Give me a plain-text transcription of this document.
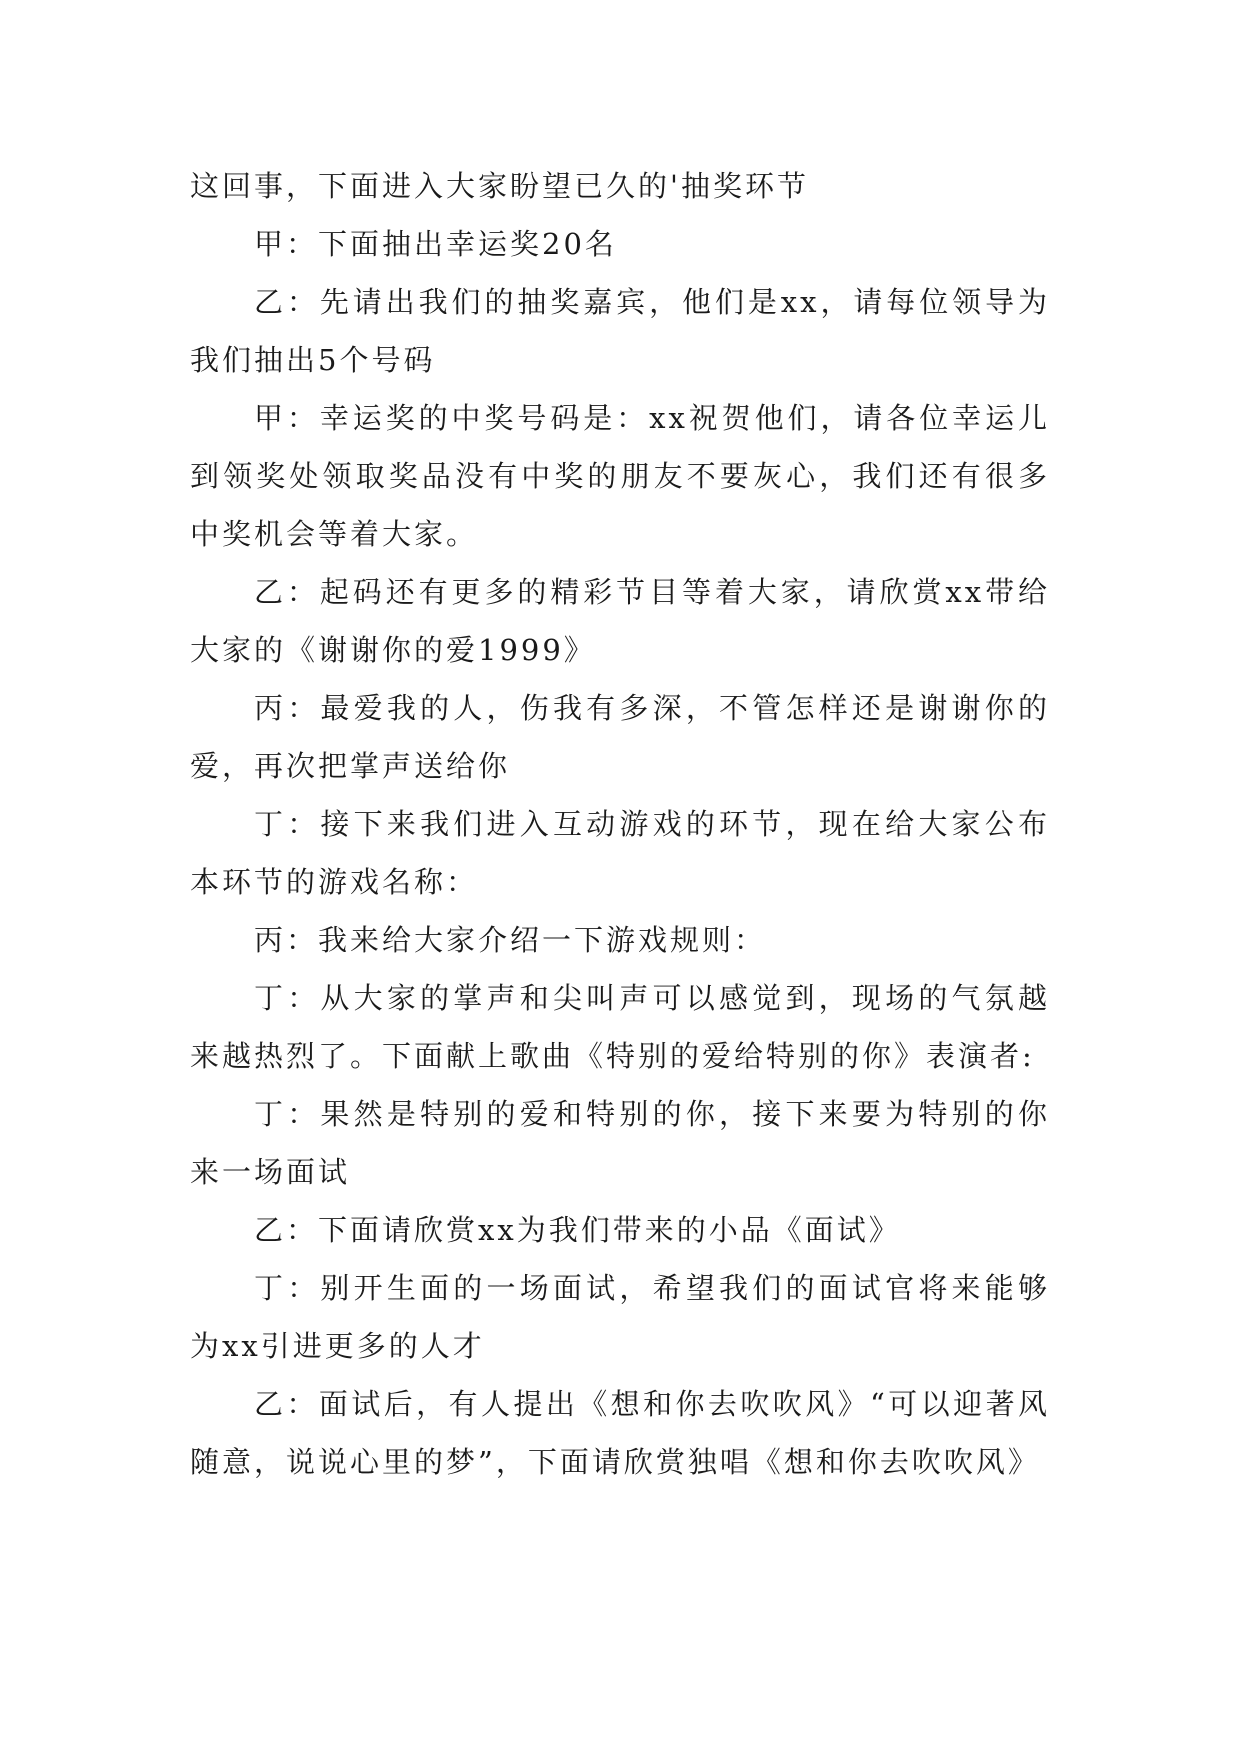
这回事，下面进入大家盼望已久的'抽奖环节

甲：下面抽出幸运奖20名

乙：先请出我们的抽奖嘉宾，他们是xx，请每位领导为我们抽出5个号码

甲：幸运奖的中奖号码是：xx祝贺他们，请各位幸运儿到领奖处领取奖品没有中奖的朋友不要灰心，我们还有很多中奖机会等着大家。

乙：起码还有更多的精彩节目等着大家，请欣赏xx带给大家的《谢谢你的爱1999》

丙：最爱我的人，伤我有多深，不管怎样还是谢谢你的爱，再次把掌声送给你

丁：接下来我们进入互动游戏的环节，现在给大家公布本环节的游戏名称：

丙：我来给大家介绍一下游戏规则：

丁：从大家的掌声和尖叫声可以感觉到，现场的气氛越来越热烈了。下面献上歌曲《特别的爱给特别的你》表演者:

丁：果然是特别的爱和特别的你，接下来要为特别的你来一场面试

乙：下面请欣赏xx为我们带来的小品《面试》

丁：别开生面的一场面试，希望我们的面试官将来能够为xx引进更多的人才

乙：面试后，有人提出《想和你去吹吹风》“可以迎著风随意，说说心里的梦”，下面请欣赏独唱《想和你去吹吹风》
